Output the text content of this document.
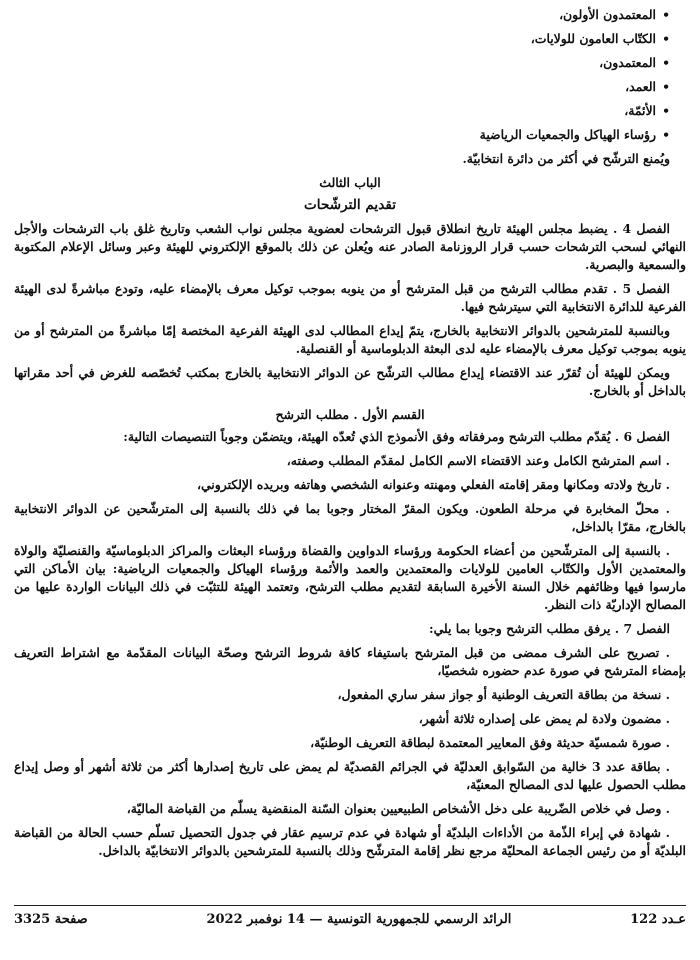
• المعتمدون الأولون،
• الكتّاب العامون للولايات،
• المعتمدون،
• العمد،
• الأئمّة،
• رؤساء الهياكل والجمعيات الرياضية
ويُمنع الترشّح في أكثر من دائرة انتخابيّة.
الباب الثالث
تقديم الترشّحات
الفصل 4 . يضبط مجلس الهيئة تاريخ انطلاق قبول الترشحات لعضوية مجلس نواب الشعب وتاريخ غلق باب الترشحات والأجل النهائي لسحب الترشحات حسب قرار الروزنامة الصادر عنه ويُعلن عن ذلك بالموقع الإلكتروني للهيئة وعبر وسائل الإعلام المكتوبة والسمعية والبصرية.
الفصل 5 . تقدم مطالب الترشح من قبل المترشح أو من ينوبه بموجب توكيل معرف بالإمضاء عليه، وتودع مباشرةً لدى الهيئة الفرعية للدائرة الانتخابية التي سيترشح فيها.
وبالنسبة للمترشحين بالدوائر الانتخابية بالخارج، يتمّ إيداع المطالب لدى الهيئة الفرعية المختصة إمّا مباشرةً من المترشح أو من ينوبه بموجب توكيل معرف بالإمضاء عليه لدى البعثة الدبلوماسية أو القنصلية.
ويمكن للهيئة أن تُقرّر عند الاقتضاء إيداع مطالب الترشّح عن الدوائر الانتخابية بالخارج بمكتب تُخصّصه للغرض في أحد مقراتها بالداخل أو بالخارج.
القسم الأول . مطلب الترشح
الفصل 6 . يُقدّم مطلب الترشح ومرفقاته وفق الأنموذج الذي تُعدّه الهيئة، ويتضمّن وجوباً التنصيصات التالية:
. اسم المترشح الكامل وعند الاقتضاء الاسم الكامل لمقدّم المطلب وصفته،
. تاريخ ولادته ومكانها ومقر إقامته الفعلي ومهنته وعنوانه الشخصي وهاتفه وبريده الإلكتروني،
. محلّ المخابرة في مرحلة الطعون. ويكون المقرّ المختار وجوبا بما في ذلك بالنسبة إلى المترشّحين عن الدوائر الانتخابية بالخارج، مقرّا بالداخل،
. بالنسبة إلى المترشّحين من أعضاء الحكومة ورؤساء الدواوين والقضاة ورؤساء البعثات والمراكز الدبلوماسيّة والقنصليّة والولاة والمعتمدين الأول والكتّاب العامين للولايات والمعتمدين والعمد والأئمة ورؤساء الهياكل والجمعيات الرياضية: بيان الأماكن التي مارسوا فيها وظائفهم خلال السنة الأخيرة السابقة لتقديم مطلب الترشح، وتعتمد الهيئة للتثبّت في ذلك البيانات الواردة عليها من المصالح الإداريّة ذات النظر.
الفصل 7 . يرفق مطلب الترشح وجوبا بما يلي:
. تصريح على الشرف ممضى من قبل المترشح باستيفاء كافة شروط الترشح وصحّة البيانات المقدّمة مع اشتراط التعريف بإمضاء المترشح في صورة عدم حضوره شخصيّا،
. نسخة من بطاقة التعريف الوطنية أو جواز سفر ساري المفعول،
. مضمون ولادة لم يمض على إصداره ثلاثة أشهر،
. صورة شمسيّة حديثة وفق المعايير المعتمدة لبطاقة التعريف الوطنيّة،
. بطاقة عدد 3 خالية من السّوابق العدليّة في الجرائم القصديّة لم يمض على تاريخ إصدارها أكثر من ثلاثة أشهر أو وصل إيداع مطلب الحصول عليها لدى المصالح المعنيّة،
. وصل في خلاص الضّريبة على دخل الأشخاص الطبيعيين بعنوان السّنة المنقضية يسلّم من القباضة الماليّة،
. شهادة في إبراء الذّمة من الأداءات البلديّة أو شهادة في عدم ترسيم عقار في جدول التحصيل تسلّم حسب الحالة من القباضة البلديّة أو من رئيس الجماعة المحليّة مرجع نظر إقامة المترشّح وذلك بالنسبة للمترشحين بالدوائر الانتخابيّة بالداخل.
عـدد 122
الرائد الرسمي للجمهورية التونسية — 14 نوفمبر 2022
صفحة 3325
